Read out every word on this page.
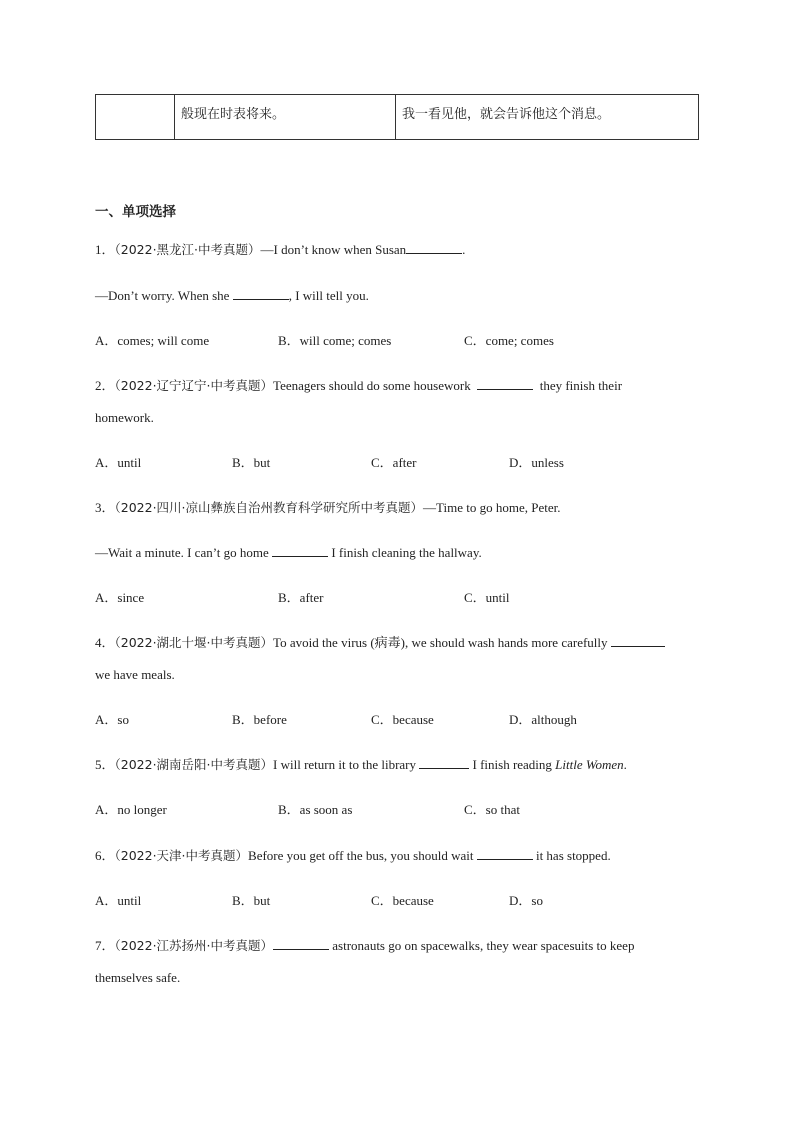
	般现在时表将来。	我一看见他，就会告诉他这个消息。
一、单项选择
1．（2022·黑龙江·中考真题）—I don’t know when Susan	.
—Don’t worry. When she	, I will tell you.
A．comes; will come	B．will come; comes	C．come; comes
2．（2022·辽宁辽宁·中考真题）Teenagers should do some housework	they finish their
homework.
A．until	B．but	C．after	D．unless
3．（2022·四川·凉山彝族自治州教育科学研究所中考真题）—Time to go home, Peter.
—Wait a minute. I can’t go home	I finish cleaning the hallway.
A．since	B．after	C．until
4．（2022·湖北十堰·中考真题）To avoid the virus (病毒), we should wash hands more carefully
we have meals.
A．so	B．before	C．because	D．although
5．（2022·湖南岳阳·中考真题）I will return it to the library	I finish reading Little Women.
A．no longer	B．as soon as	C．so that
6．（2022·天津·中考真题）Before you get off the bus, you should wait	it has stopped.
A．until	B．but	C．because	D．so
7．（2022·江苏扬州·中考真题）	astronauts go on spacewalks, they wear spacesuits to keep
themselves safe.
